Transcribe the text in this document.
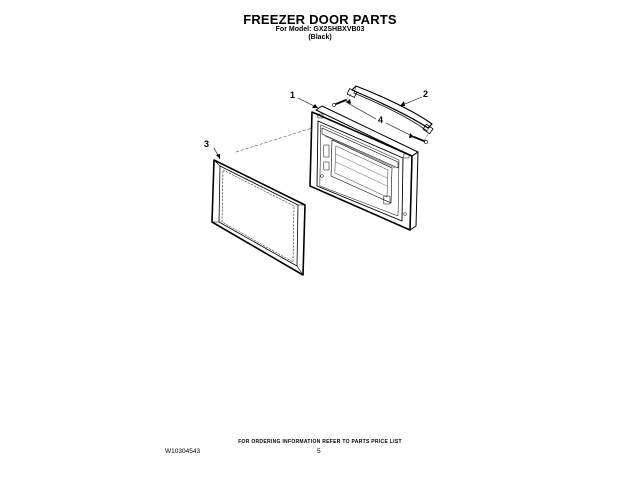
FREEZER DOOR PARTS
For Model: GX2SHBXVB03
(Black)
1	2
3
4
FOR ORDERING INFORMATION REFER TO PARTS PRICE LIST
W10304543	5
